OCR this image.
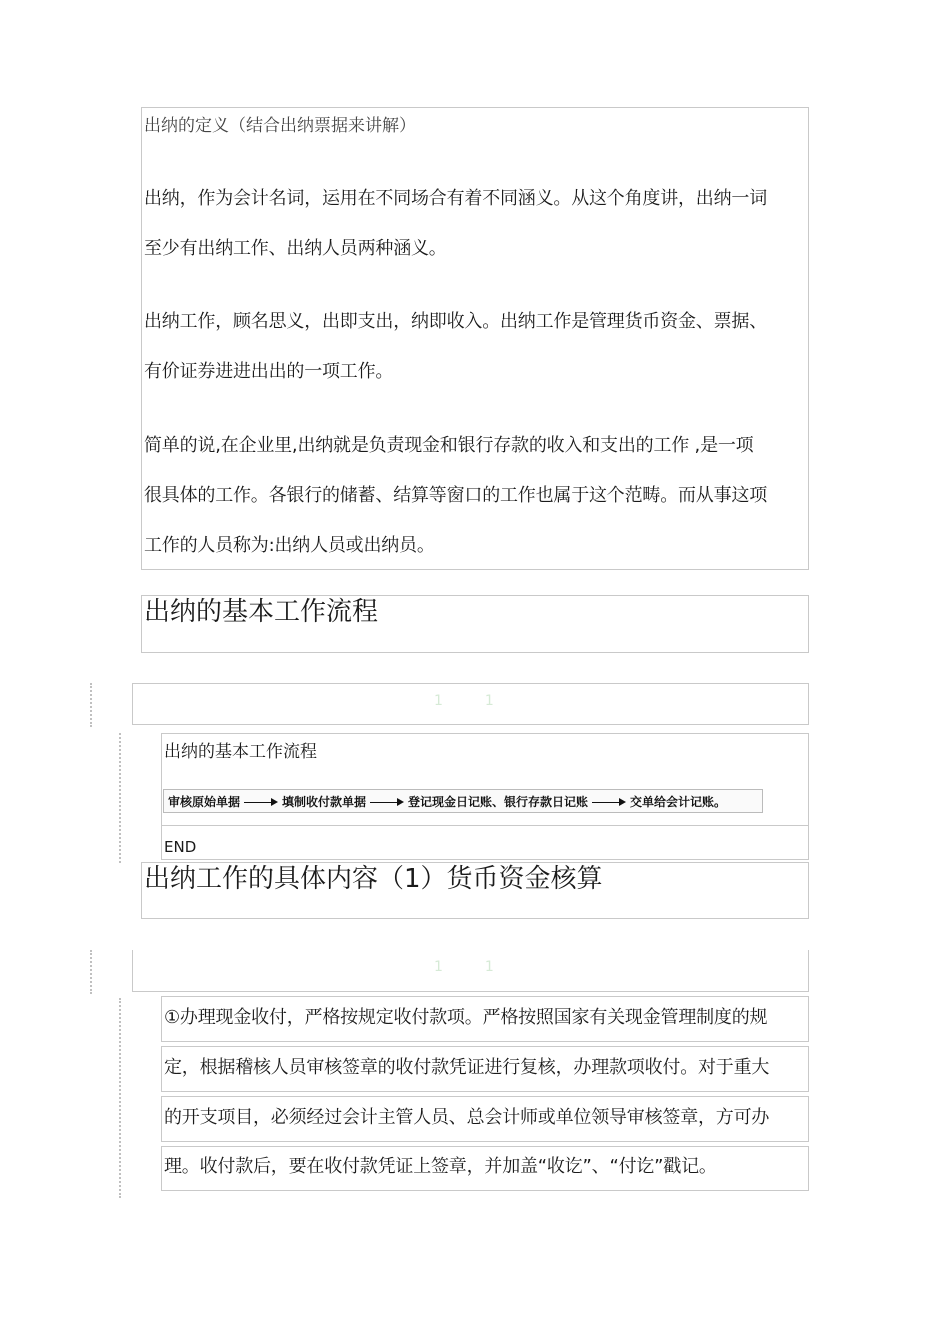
出纳的定义（结合出纳票据来讲解）
出纳，作为会计名词，运用在不同场合有着不同涵义。从这个角度讲，出纳一词
至少有出纳工作、出纳人员两种涵义。
出纳工作，顾名思义，出即支出，纳即收入。出纳工作是管理货币资金、票据、
有价证券进进出出的一项工作。
简单的说,在企业里,出纳就是负责现金和银行存款的收入和支出的工作 ,是一项
很具体的工作。各银行的储蓄、结算等窗口的工作也属于这个范畴。而从事这项
工作的人员称为:出纳人员或出纳员。
出纳的基本工作流程
1　　　1
出纳的基本工作流程
审核原始单据	填制收付款单据	登记现金日记账、银行存款日记账	交单给会计记账。
END
出纳工作的具体内容（1）货币资金核算
1　　　1
①办理现金收付，严格按规定收付款项。严格按照国家有关现金管理制度的规
定，根据稽核人员审核签章的收付款凭证进行复核，办理款项收付。对于重大
的开支项目，必须经过会计主管人员、总会计师或单位领导审核签章，方可办
理。收付款后，要在收付款凭证上签章，并加盖“收讫”、“付讫”戳记。
